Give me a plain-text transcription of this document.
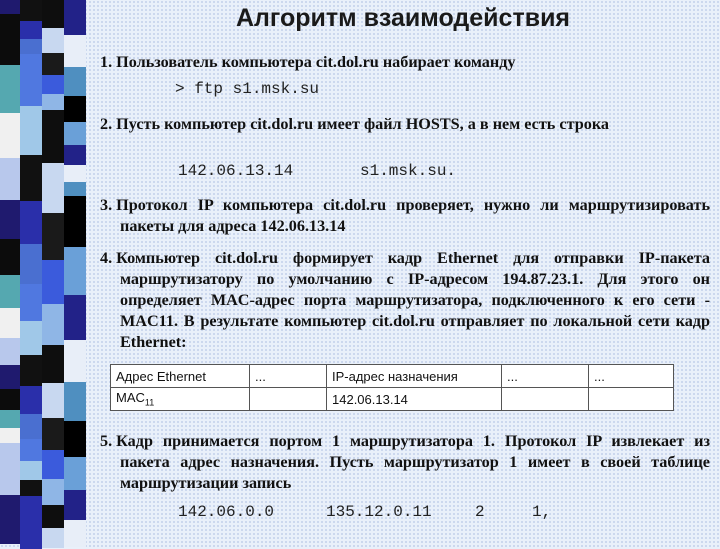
Алгоритм взаимодействия
1. Пользователь компьютера cit.dol.ru набирает команду
> ftp s1.msk.su
2. Пусть компьютер cit.dol.ru имеет файл HOSTS, а в нем есть строка
142.06.13.14	s1.msk.su.
3. Протокол IP компьютера cit.dol.ru проверяет, нужно ли маршрутизировать пакеты для адреса 142.06.13.14
4. Компьютер cit.dol.ru формирует кадр Ethernet для отправки IP-пакета маршрутизатору по умолчанию с IP-адресом 194.87.23.1. Для этого он определяет MAC-адрес порта маршрутизатора, подключенного к его сети - MAC11. В результате компьютер cit.dol.ru отправляет по локальной сети кадр Ethernet:
Адрес Ethernet	...	IP-адрес назначения	...	...
$MAC_{11}$		142.06.13.14		
5. Кадр принимается портом 1 маршрутизатора 1. Протокол IP извлекает из пакета адрес назначения. Пусть маршрутизатор 1 имеет в своей таблице маршрутизации запись
142.06.0.0	135.12.0.11	2	1,
